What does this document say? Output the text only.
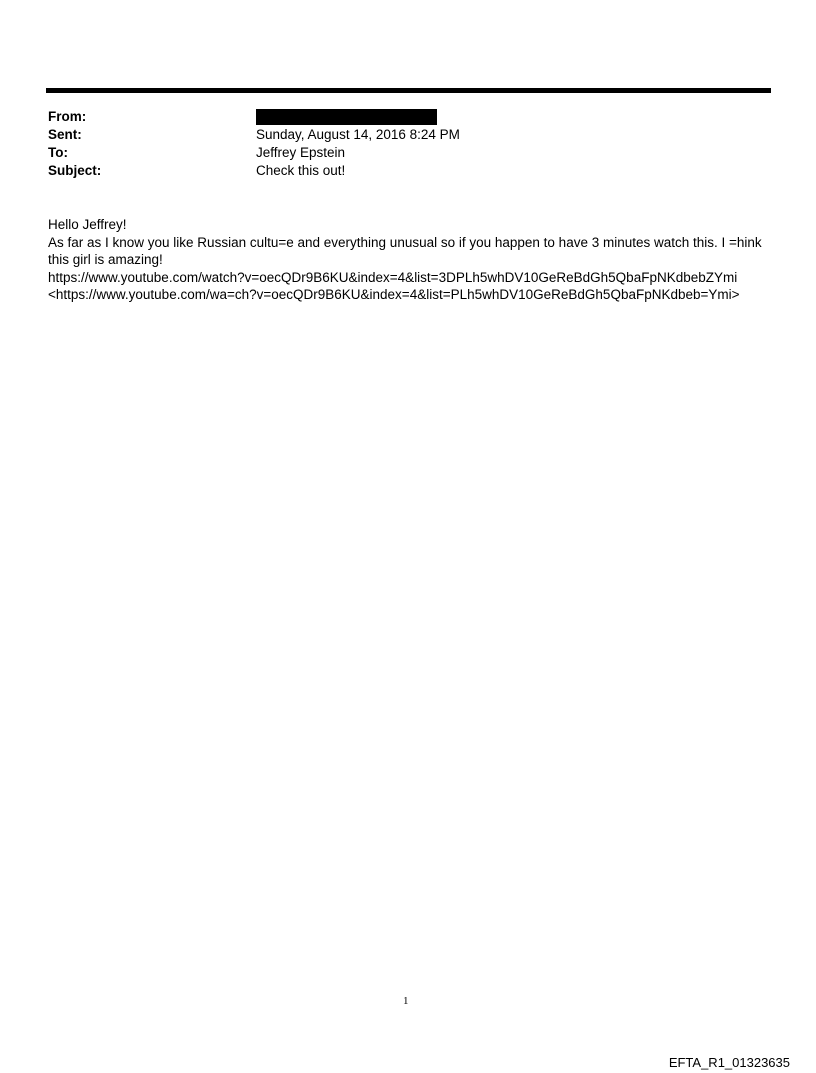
From:
Sent:	Sunday, August 14, 2016 8:24 PM
To:	Jeffrey Epstein
Subject:	Check this out!
Hello Jeffrey!
As far as I know you like Russian cultu=e and everything unusual so if you happen to have 3 minutes watch this. I =hink
this girl is amazing!
https://www.youtube.com/watch?v=oecQDr9B6KU&index=4&list=3DPLh5whDV10GeReBdGh5QbaFpNKdbebZYmi
<https://www.youtube.com/wa=ch?v=oecQDr9B6KU&index=4&list=PLh5whDV10GeReBdGh5QbaFpNKdbeb=Ymi>
1
EFTA_R1_01323635
